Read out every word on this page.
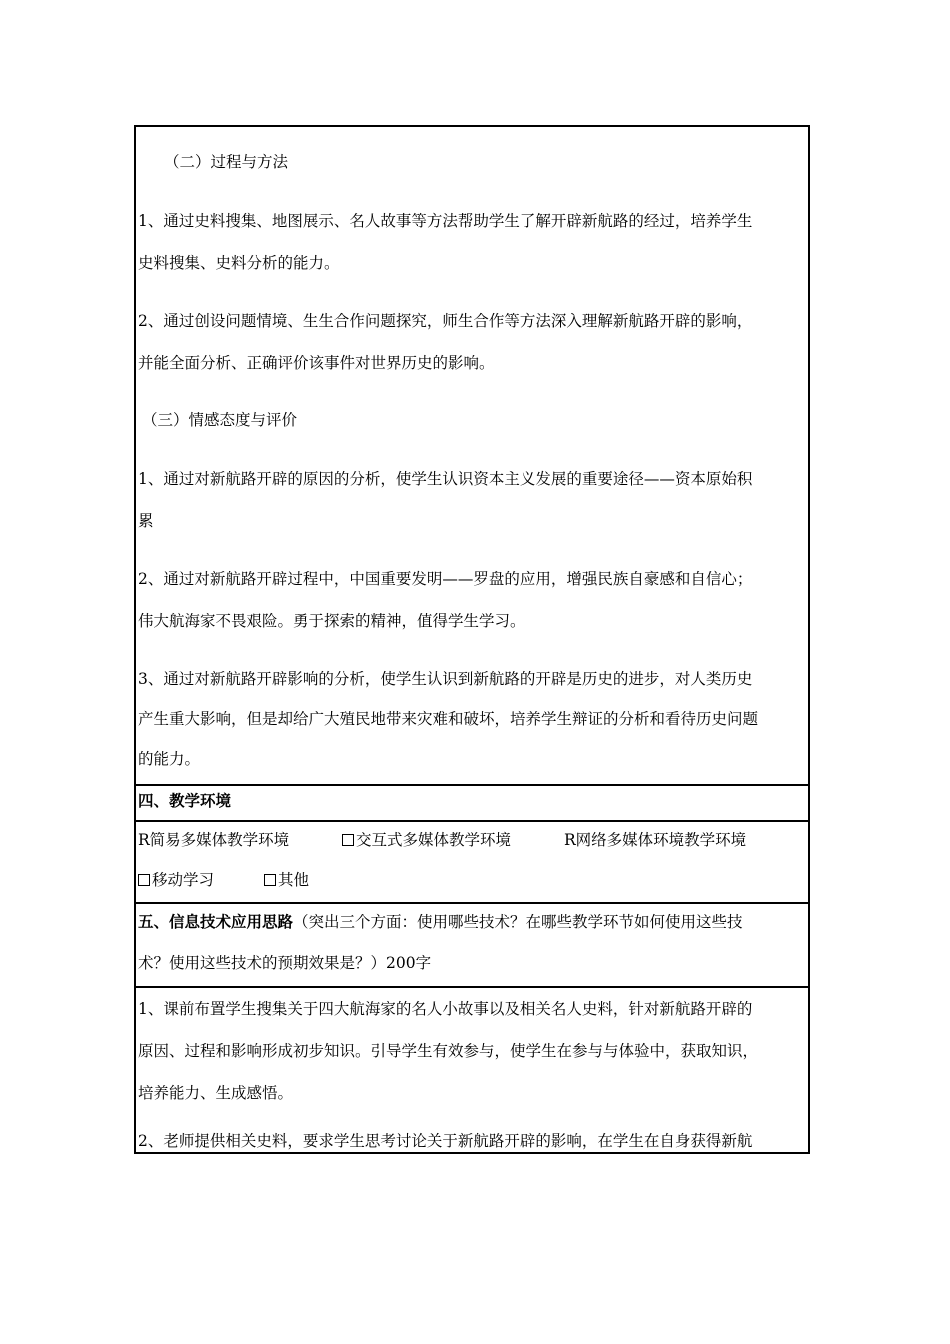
（二）过程与方法
1、通过史料搜集、地图展示、名人故事等方法帮助学生了解开辟新航路的经过，培养学生
史料搜集、史料分析的能力。
2、通过创设问题情境、生生合作问题探究，师生合作等方法深入理解新航路开辟的影响，
并能全面分析、正确评价该事件对世界历史的影响。
（三）情感态度与评价
1、通过对新航路开辟的原因的分析，使学生认识资本主义发展的重要途径——资本原始积
累
2、通过对新航路开辟过程中，中国重要发明——罗盘的应用，增强民族自豪感和自信心；
伟大航海家不畏艰险。勇于探索的精神，值得学生学习。
3、通过对新航路开辟影响的分析，使学生认识到新航路的开辟是历史的进步，对人类历史
产生重大影响，但是却给广大殖民地带来灾难和破坏，培养学生辩证的分析和看待历史问题
的能力。
四、教学环境
R简易多媒体教学环境	交互式多媒体教学环境	R网络多媒体环境教学环境
移动学习	其他
五、信息技术应用思路（突出三个方面：使用哪些技术？在哪些教学环节如何使用这些技
术？使用这些技术的预期效果是？）200字
1、课前布置学生搜集关于四大航海家的名人小故事以及相关名人史料，针对新航路开辟的
原因、过程和影响形成初步知识。引导学生有效参与，使学生在参与与体验中，获取知识，
培养能力、生成感悟。
2、老师提供相关史料，要求学生思考讨论关于新航路开辟的影响，在学生在自身获得新航
